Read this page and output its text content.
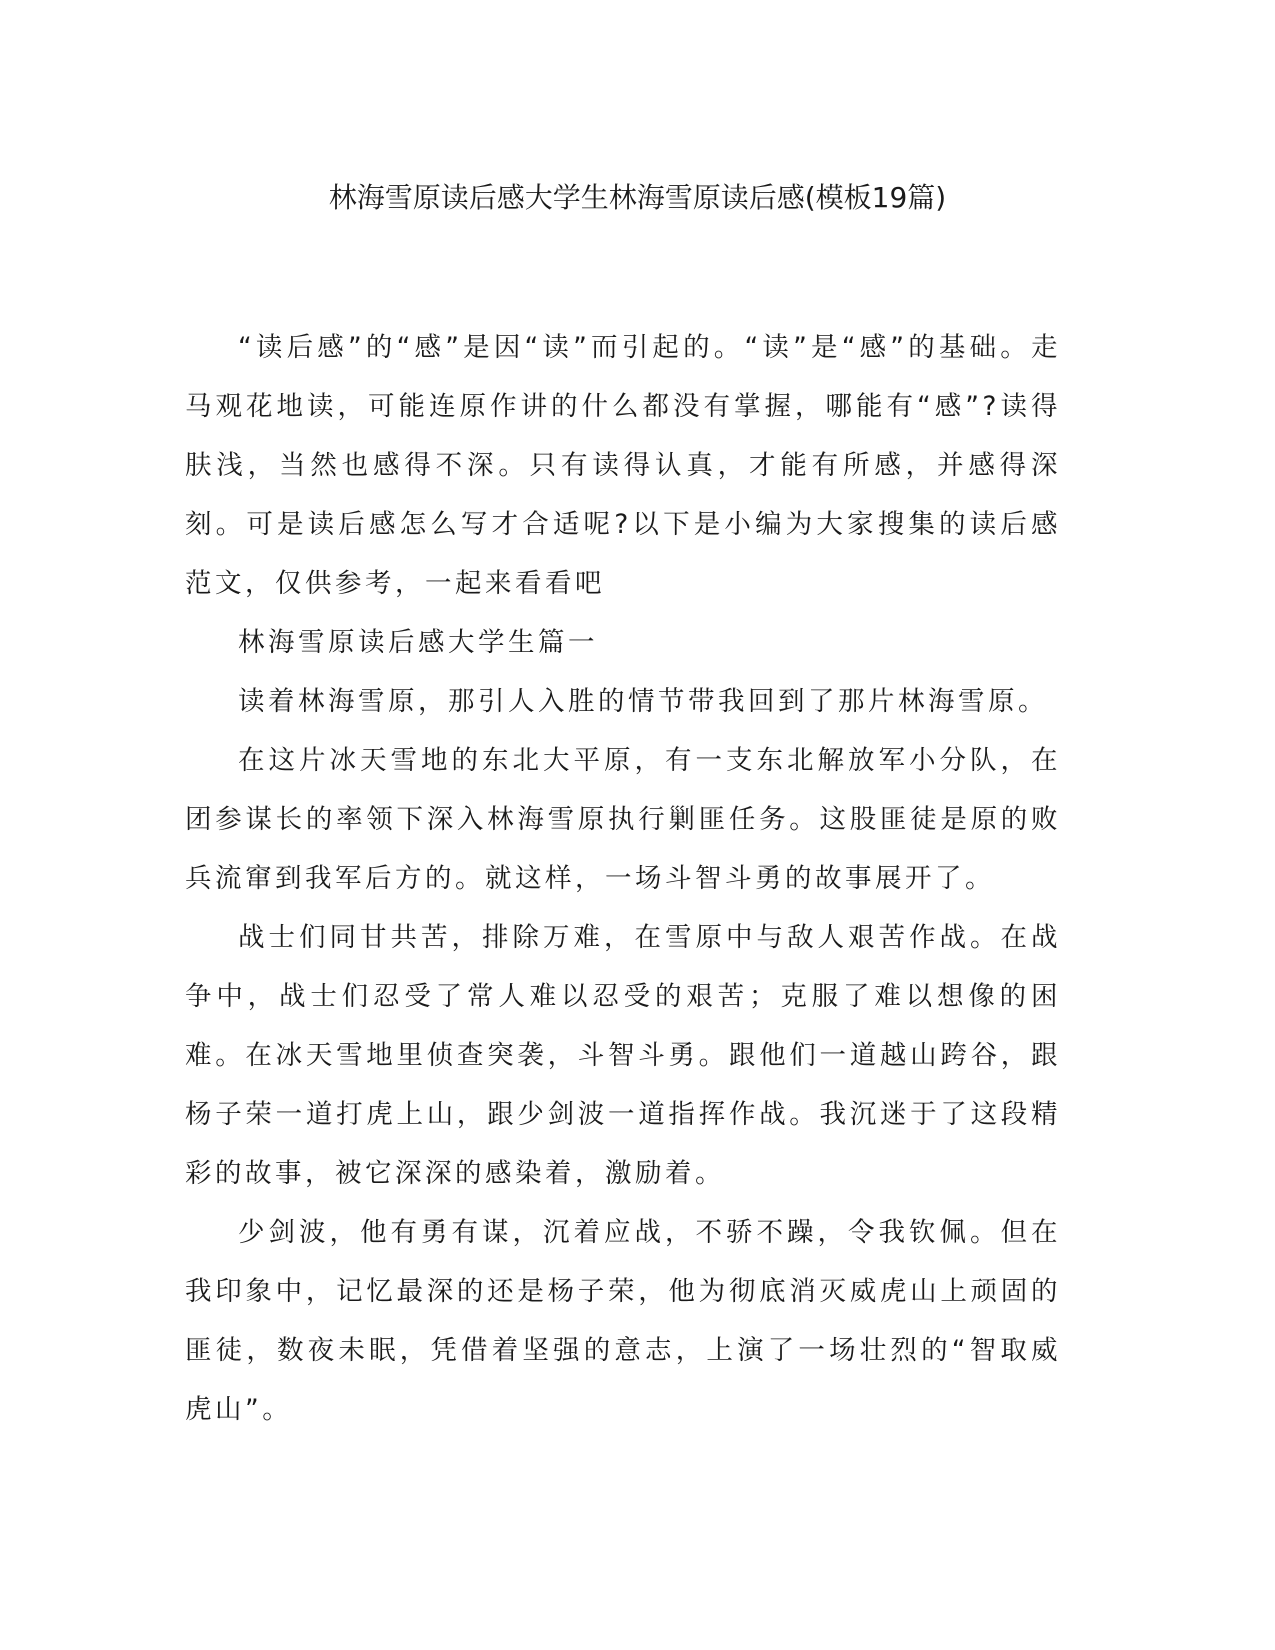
林海雪原读后感大学生林海雪原读后感(模板19篇)

“读后感”的“感”是因“读”而引起的。“读”是“感”的基础。走马观花地读，可能连原作讲的什么都没有掌握，哪能有“感”?读得肤浅，当然也感得不深。只有读得认真，才能有所感，并感得深刻。可是读后感怎么写才合适呢?以下是小编为大家搜集的读后感范文，仅供参考，一起来看看吧

林海雪原读后感大学生篇一

读着林海雪原，那引人入胜的情节带我回到了那片林海雪原。

在这片冰天雪地的东北大平原，有一支东北解放军小分队，在团参谋长的率领下深入林海雪原执行剿匪任务。这股匪徒是原的败兵流窜到我军后方的。就这样，一场斗智斗勇的故事展开了。

战士们同甘共苦，排除万难，在雪原中与敌人艰苦作战。在战争中，战士们忍受了常人难以忍受的艰苦；克服了难以想像的困难。在冰天雪地里侦查突袭，斗智斗勇。跟他们一道越山跨谷，跟杨子荣一道打虎上山，跟少剑波一道指挥作战。我沉迷于了这段精彩的故事，被它深深的感染着，激励着。

少剑波，他有勇有谋，沉着应战，不骄不躁，令我钦佩。但在我印象中，记忆最深的还是杨子荣，他为彻底消灭威虎山上顽固的匪徒，数夜未眠，凭借着坚强的意志，上演了一场壮烈的“智取威虎山”。
